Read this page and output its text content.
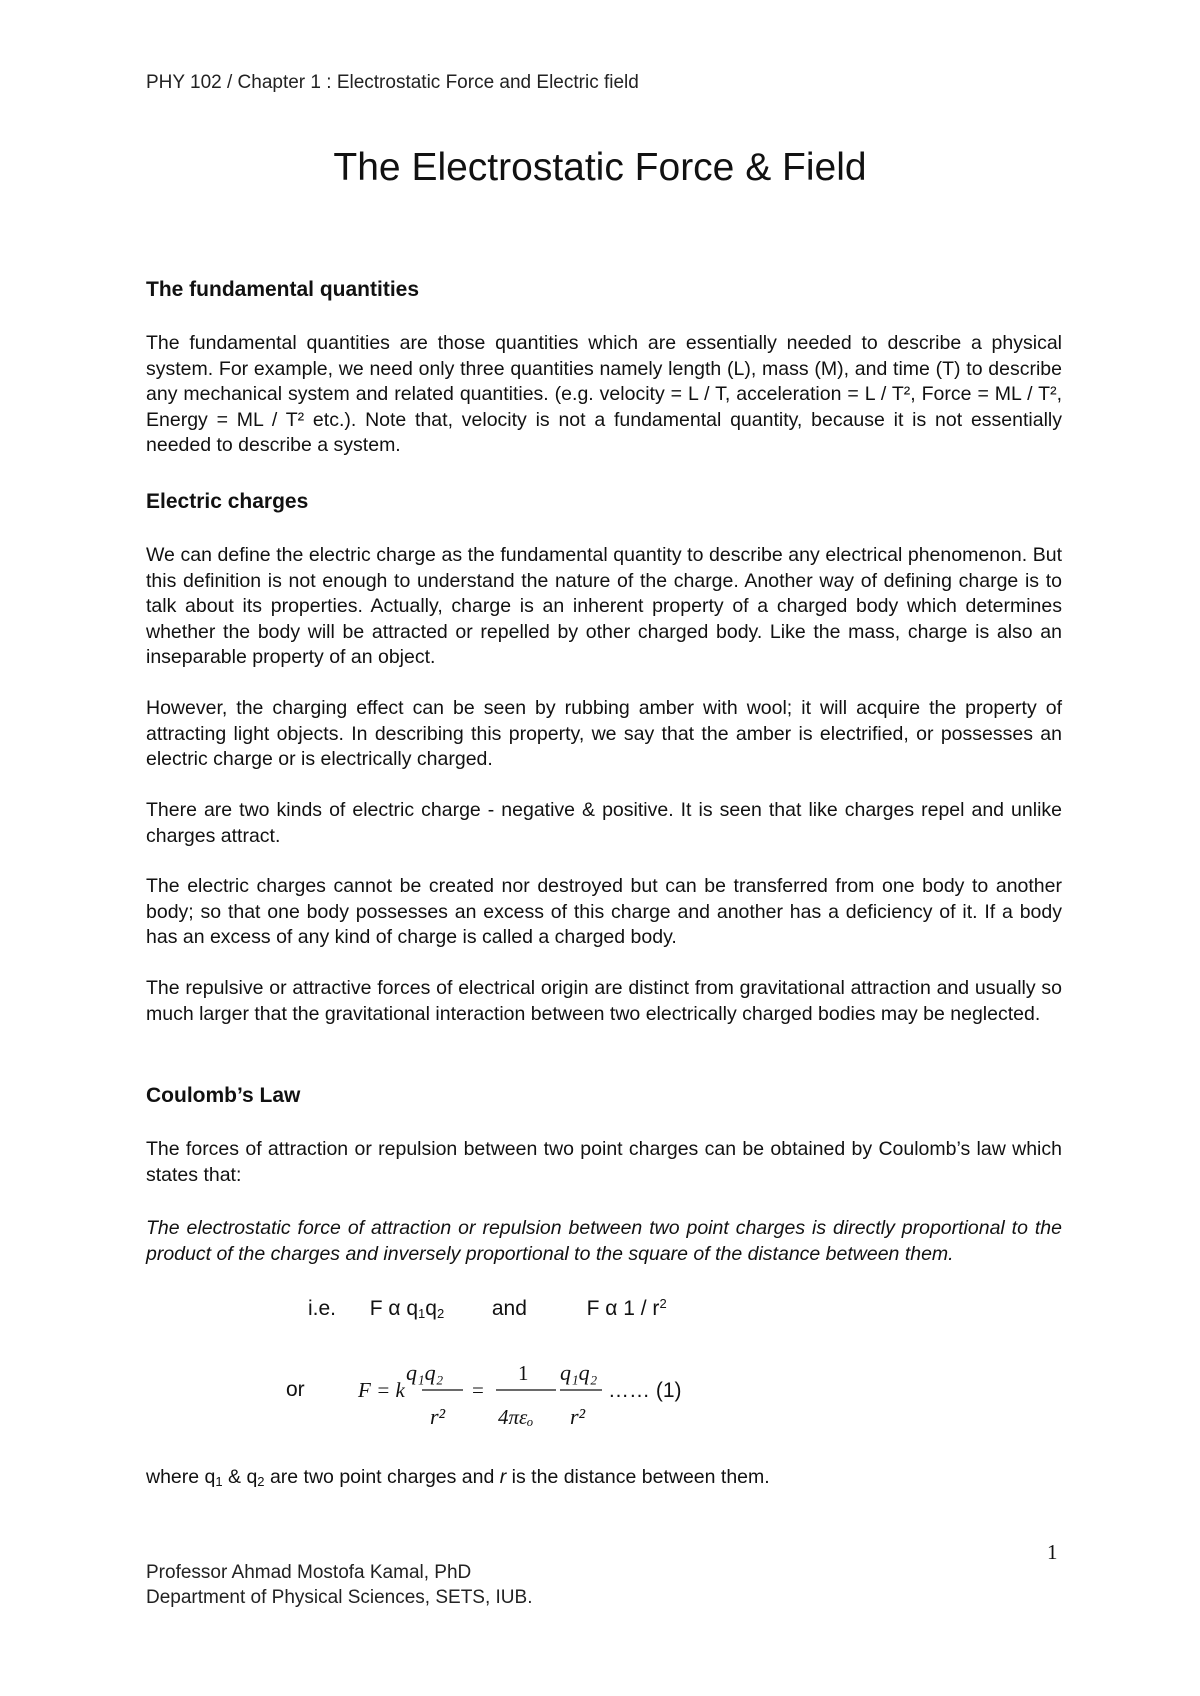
PHY 102 / Chapter 1 : Electrostatic Force and Electric field
The Electrostatic Force & Field
The fundamental quantities
The fundamental quantities are those quantities which are essentially needed to describe a physical system. For example, we need only three quantities namely length (L), mass (M), and time (T) to describe any mechanical system and related quantities. (e.g. velocity = L / T, acceleration = L / T², Force = ML / T², Energy = ML / T² etc.). Note that, velocity is not a fundamental quantity, because it is not essentially needed to describe a system.
Electric charges
We can define the electric charge as the fundamental quantity to describe any electrical phenomenon. But this definition is not enough to understand the nature of the charge. Another way of defining charge is to talk about its properties. Actually, charge is an inherent property of a charged body which determines whether the body will be attracted or repelled by other charged body. Like the mass, charge is also an inseparable property of an object.
However, the charging effect can be seen by rubbing amber with wool; it will acquire the property of attracting light objects. In describing this property, we say that the amber is electrified, or possesses an electric charge or is electrically charged.
There are two kinds of electric charge - negative & positive. It is seen that like charges repel and unlike charges attract.
The electric charges cannot be created nor destroyed but can be transferred from one body to another body; so that one body possesses an excess of this charge and another has a deficiency of it. If a body has an excess of any kind of charge is called a charged body.
The repulsive or attractive forces of electrical origin are distinct from gravitational attraction and usually so much larger that the gravitational interaction between two electrically charged bodies may be neglected.
Coulomb’s Law
The forces of attraction or repulsion between two point charges can be obtained by Coulomb’s law which states that:
The electrostatic force of attraction or repulsion between two point charges is directly proportional to the product of the charges and inversely proportional to the square of the distance between them.
i.e. F α $q_1q_2$ and	F α $1 / r^2$
or	F = k
q₁q₂
r²
=
1
4πεₒ
q₁q₂
r²
…… (1)
where $q_1$ & $q_2$ are two point charges and r is the distance between them.
1
Professor Ahmad Mostofa Kamal, PhD
Department of Physical Sciences, SETS, IUB.
